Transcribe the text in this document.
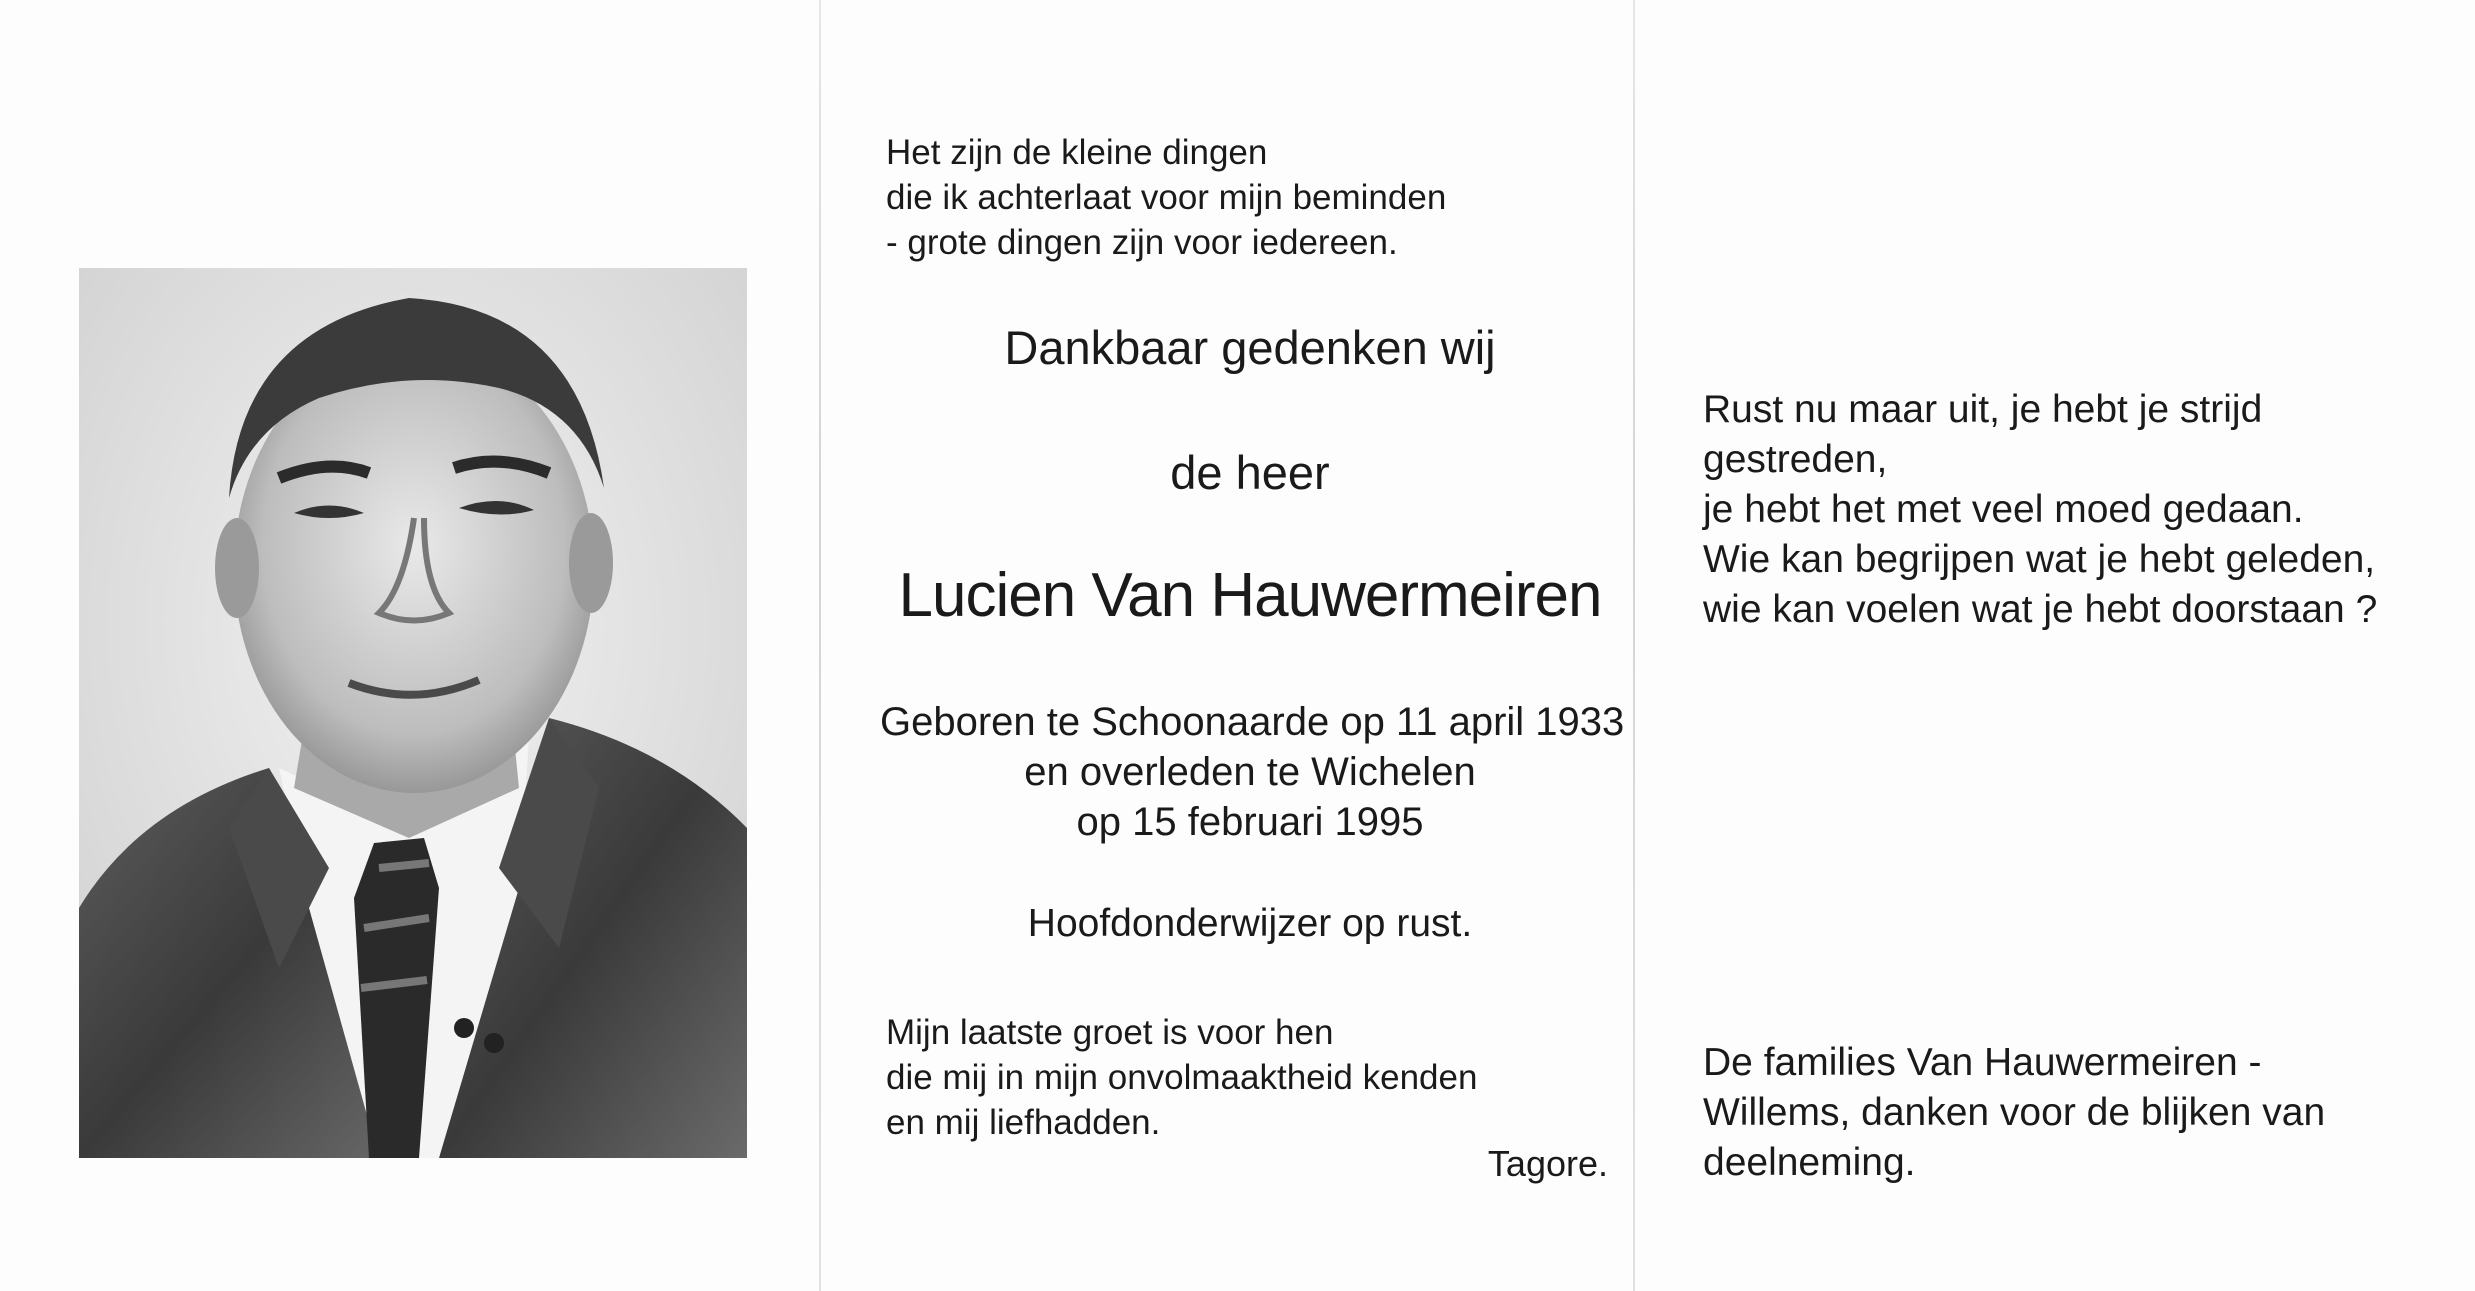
Het zijn de kleine dingen
die ik achterlaat voor mijn beminden
- grote dingen zijn voor iedereen.
Dankbaar gedenken wij
de heer
Lucien Van Hauwermeiren
Geboren te Schoonaarde op 11 april 1933
en overleden te Wichelen
op 15 februari 1995
Hoofdonderwijzer op rust.
Mijn laatste groet is voor hen
die mij in mijn onvolmaaktheid kenden
en mij liefhadden.
Tagore.
Rust nu maar uit, je hebt je strijd
gestreden,
je hebt het met veel moed gedaan.
Wie kan begrijpen wat je hebt geleden,
wie kan voelen wat je hebt doorstaan ?
De families Van Hauwermeiren -
Willems, danken voor de blijken van
deelneming.
